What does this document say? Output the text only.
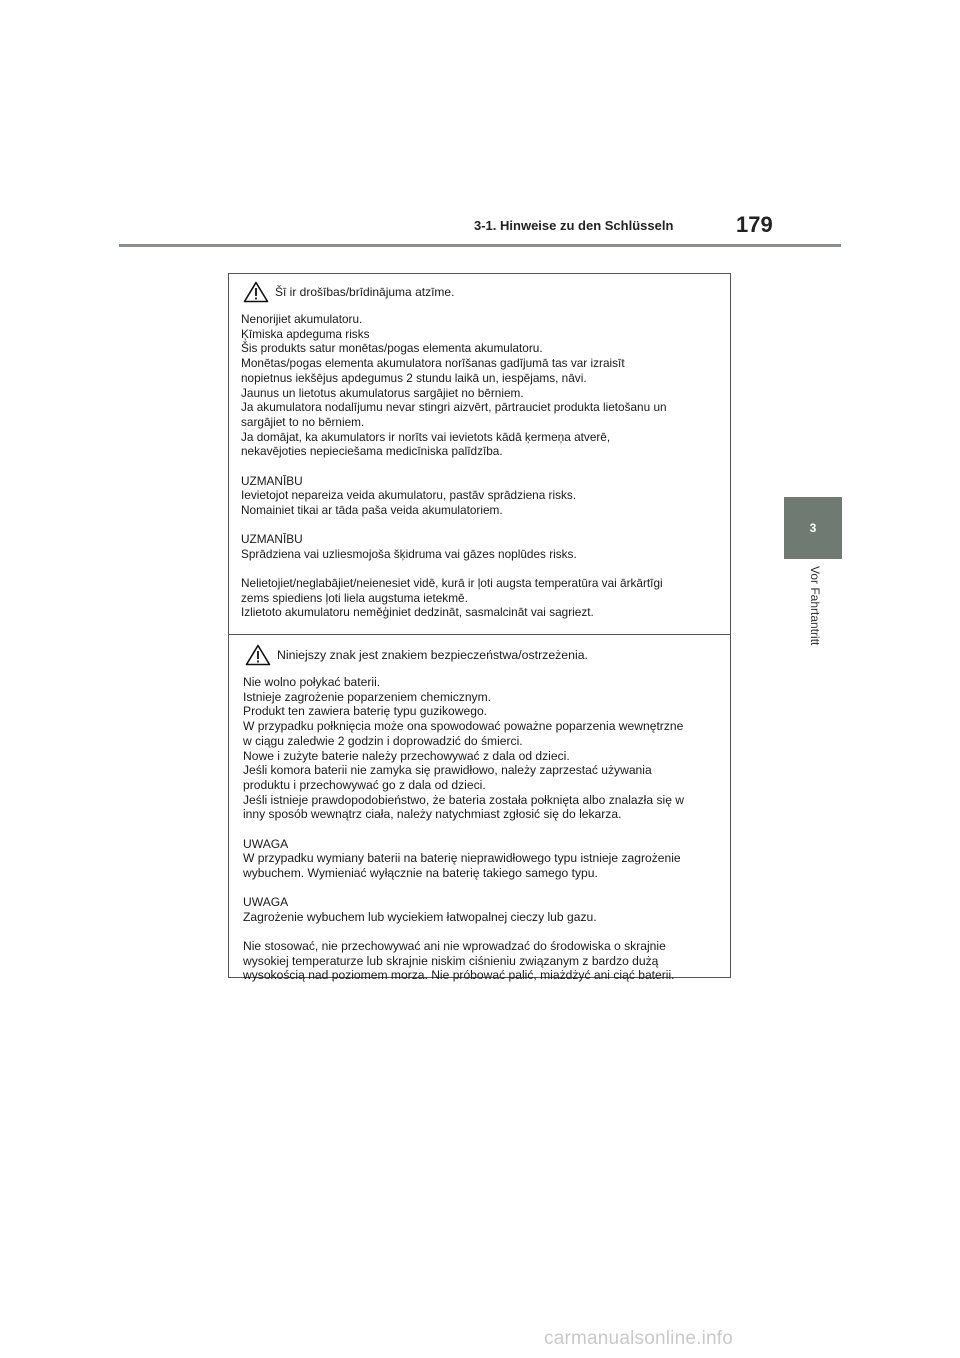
3-1. Hinweise zu den Schlüsseln	179
3
Vor Fahrtantritt
Šī ir drošības/brīdinājuma atzīme.

Nenorijiet akumulatoru.
Ķīmiska apdeguma risks
Šis produkts satur monētas/pogas elementa akumulatoru.
Monētas/pogas elementa akumulatora norīšanas gadījumā tas var izraisīt
nopietnus iekšējus apdegumus 2 stundu laikā un, iespējams, nāvi.
Jaunus un lietotus akumulatorus sargājiet no bērniem.
Ja akumulatora nodalījumu nevar stingri aizvērt, pārtrauciet produkta lietošanu un
sargājiet to no bērniem.
Ja domājat, ka akumulators ir norīts vai ievietots kādā ķermeņa atverē,
nekavējoties nepieciešama medicīniska palīdzība.

UZMANĪBU
Ievietojot nepareiza veida akumulatoru, pastāv sprādziena risks.
Nomainiet tikai ar tāda paša veida akumulatoriem.

UZMANĪBU
Sprādziena vai uzliesmojoša šķidruma vai gāzes noplūdes risks.

Nelietojiet/neglabājiet/neienesiet vidē, kurā ir ļoti augsta temperatūra vai ārkārtīgi
zems spiediens ļoti liela augstuma ietekmē.
Izlietoto akumulatoru neměģiniet dedzināt, sasmalcināt vai sagriezt.

Niniejszy znak jest znakiem bezpieczeństwa/ostrzeżenia.

Nie wolno połykać baterii.
Istnieje zagrożenie poparzeniem chemicznym.
Produkt ten zawiera baterię typu guzikowego.
W przypadku połknięcia może ona spowodować poważne poparzenia wewnętrzne
w ciągu zaledwie 2 godzin i doprowadzić do śmierci.
Nowe i zużyte baterie należy przechowywać z dala od dzieci.
Jeśli komora baterii nie zamyka się prawidłowo, należy zaprzestać używania
produktu i przechowywać go z dala od dzieci.
Jeśli istnieje prawdopodobieństwo, że bateria została połknięta albo znalazła się w
inny sposób wewnątrz ciała, należy natychmiast zgłosić się do lekarza.

UWAGA
W przypadku wymiany baterii na baterię nieprawidłowego typu istnieje zagrożenie
wybuchem. Wymieniać wyłącznie na baterię takiego samego typu.

UWAGA
Zagrożenie wybuchem lub wyciekiem łatwopalnej cieczy lub gazu.

Nie stosować, nie przechowywać ani nie wprowadzać do środowiska o skrajnie
wysokiej temperaturze lub skrajnie niskim ciśnieniu związanym z bardzo dużą
wysokością nad poziomem morza. Nie próbować palić, miażdżyć ani ciąć baterii.

carmanualsonline.info
